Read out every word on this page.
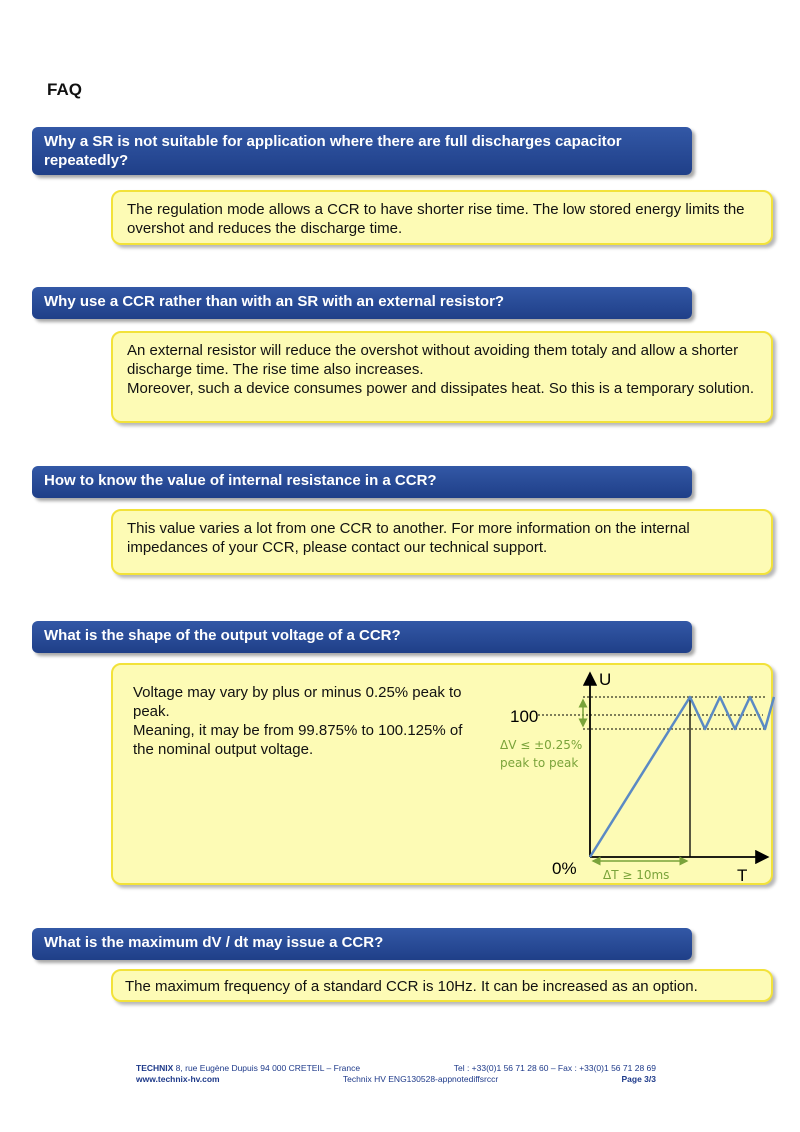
FAQ
Why a SR is not suitable for application where there are full discharges capacitor repeatedly?

The regulation mode allows a CCR to have shorter rise time. The low stored energy limits the overshot and reduces the discharge time.

Why use a CCR rather than with an SR with an external resistor?

An external resistor will reduce the overshot without avoiding them totaly and allow a shorter discharge time. The rise time also increases.

Moreover, such a device consumes power and dissipates heat. So this is a temporary solution.

How to know the value of internal resistance in a CCR?

This value varies a lot from one CCR to another. For more information on the internal impedances of your CCR, please contact our technical support.

What is the shape of the output voltage of a CCR?

Voltage may vary by plus or minus 0.25% peak to peak.

Meaning, it may be from 99.875% to 100.125% of the nominal output voltage.

U
T
100
0%
ΔV ≤ ±0.25%
peak to peak
ΔT ≥ 10ms
What is the maximum dV / dt may issue a CCR?

The maximum frequency of a standard CCR is 10Hz. It can be increased as an option.

TECHNIX 8, rue Eugène Dupuis 94 000 CRETEIL – France	Tel : +33(0)1 56 71 28 60 – Fax : +33(0)1 56 71 28 69
www.technix-hv.com	Technix HV ENG130528-appnotediffsrccr	Page 3/3
